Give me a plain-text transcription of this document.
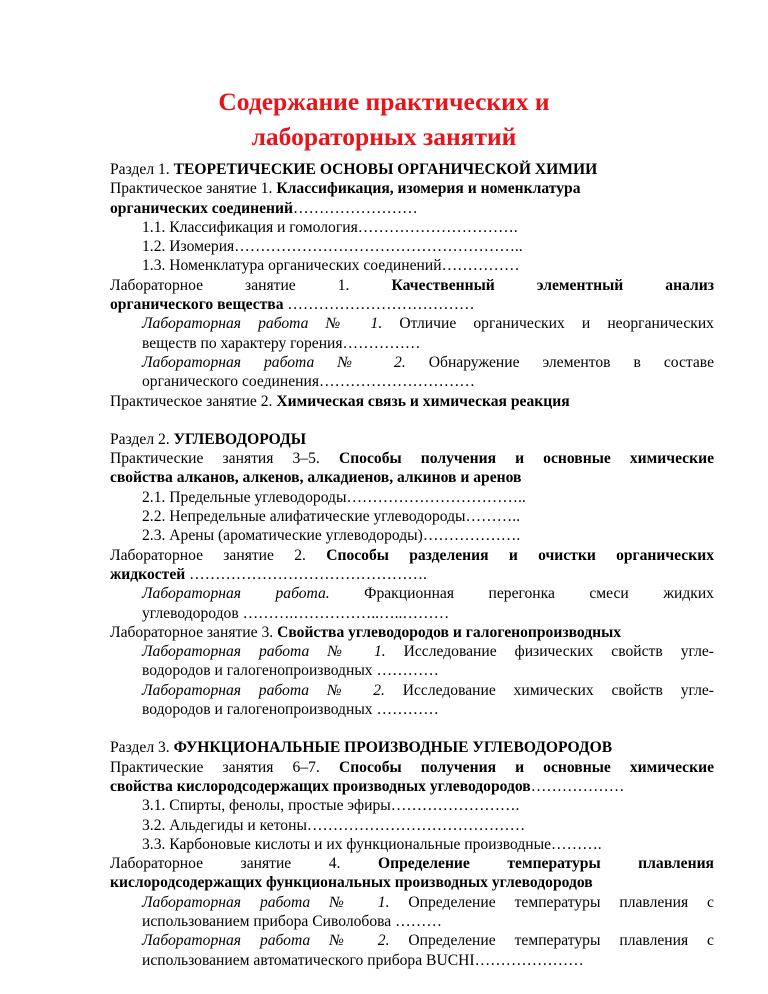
Содержание практических и
лабораторных занятий

Раздел 1. ТЕОРЕТИЧЕСКИЕ ОСНОВЫ ОРГАНИЧЕСКОЙ ХИМИИ

Практическое занятие 1. Классификация, изомерия и номенклатура

органических соединений……………………

1.1. Классификация и гомология………………………….

1.2. Изомерия………………………………………………..

1.3. Номенклатура органических соединений……………

Лабораторное занятие 1.	Качественный элементный анализ

органического вещества ………………………………

Лабораторная работа № 1. Отличие органических и неорганических

веществ по характеру горения……………

Лабораторная работа № 2. Обнаружение элементов в составе

органического соединения…………………………

Практическое занятие 2. Химическая связь и химическая реакция

Раздел 2. УГЛЕВОДОРОДЫ

Практические занятия 3–5. Способы получения и основные химические

свойства алканов, алкенов, алкадиенов, алкинов и аренов

2.1. Предельные углеводороды……………………………..

2.2. Непредельные алифатические углеводороды………..

2.3. Арены (ароматические углеводороды)……………….

Лабораторное занятие 2. Способы разделения и очистки органических

жидкостей ……………………………………….

Лабораторная работа. Фракционная перегонка смеси жидких

углеводородов ……….……………..…..………

Лабораторное занятие 3. Свойства углеводородов и галогенопроизводных

Лабораторная работа № 1. Исследование физических свойств угле-

водородов и галогенопроизводных …………

Лабораторная работа № 2. Исследование химических свойств угле-

водородов и галогенопроизводных …………

Раздел 3. ФУНКЦИОНАЛЬНЫЕ ПРОИЗВОДНЫЕ УГЛЕВОДОРОДОВ

Практические занятия 6–7. Способы получения и основные химические

свойства кислородсодержащих производных углеводородов………………

3.1. Спирты, фенолы, простые эфиры…………………….

3.2. Альдегиды и кетоны……………………………………

3.3. Карбоновые кислоты и их функциональные производные……….

Лабораторное занятие 4. Определение температуры плавления

кислородсодержащих функциональных производных углеводородов

Лабораторная работа № 1. Определение температуры плавления с

использованием прибора Сиволобова ………

Лабораторная работа № 2. Определение температуры плавления с

использованием автоматического прибора BUCHI…………………
